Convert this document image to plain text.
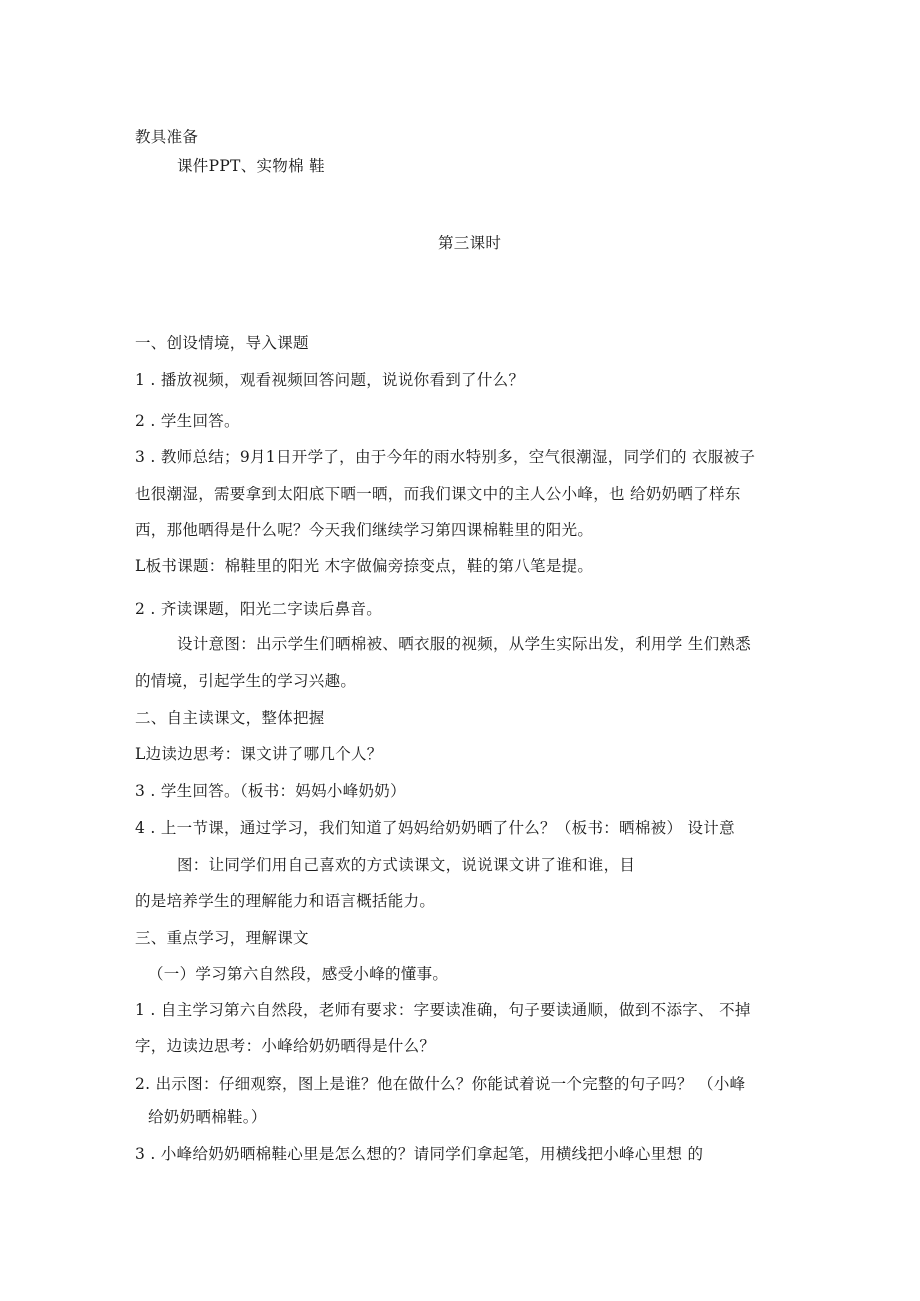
教具准备
课件PPT、实物棉 鞋
第三课时
一、创设情境，导入课题
1 . 播放视频，观看视频回答问题，说说你看到了什么？
2 . 学生回答。
3 . 教师总结；9月1日开学了，由于今年的雨水特别多，空气很潮湿，同学们的 衣服被子
也很潮湿，需要拿到太阳底下晒一晒，而我们课文中的主人公小峰，也 给奶奶晒了样东
西，那他晒得是什么呢？今天我们继续学习第四课棉鞋里的阳光。
L板书课题：棉鞋里的阳光 木字做偏旁捺变点，鞋的第八笔是提。
2 . 齐读课题，阳光二字读后鼻音。
设计意图：出示学生们晒棉被、晒衣服的视频，从学生实际出发，利用学 生们熟悉
的情境，引起学生的学习兴趣。
二、自主读课文，整体把握
L边读边思考：课文讲了哪几个人？
3 . 学生回答。（板书：妈妈小峰奶奶）
4 . 上一节课，通过学习，我们知道了妈妈给奶奶晒了什么？（板书：晒棉被） 设计意
图：让同学们用自己喜欢的方式读课文，说说课文讲了谁和谁，目
的是培养学生的理解能力和语言概括能力。
三、重点学习，理解课文
（一）学习第六自然段，感受小峰的懂事。
1 . 自主学习第六自然段，老师有要求：字要读准确，句子要读通顺，做到不添字、 不掉
字，边读边思考：小峰给奶奶晒得是什么？
2. 出示图：仔细观察，图上是谁？他在做什么？你能试着说一个完整的句子吗？ （小峰
给奶奶晒棉鞋。）
3 . 小峰给奶奶晒棉鞋心里是怎么想的？请同学们拿起笔，用横线把小峰心里想 的
